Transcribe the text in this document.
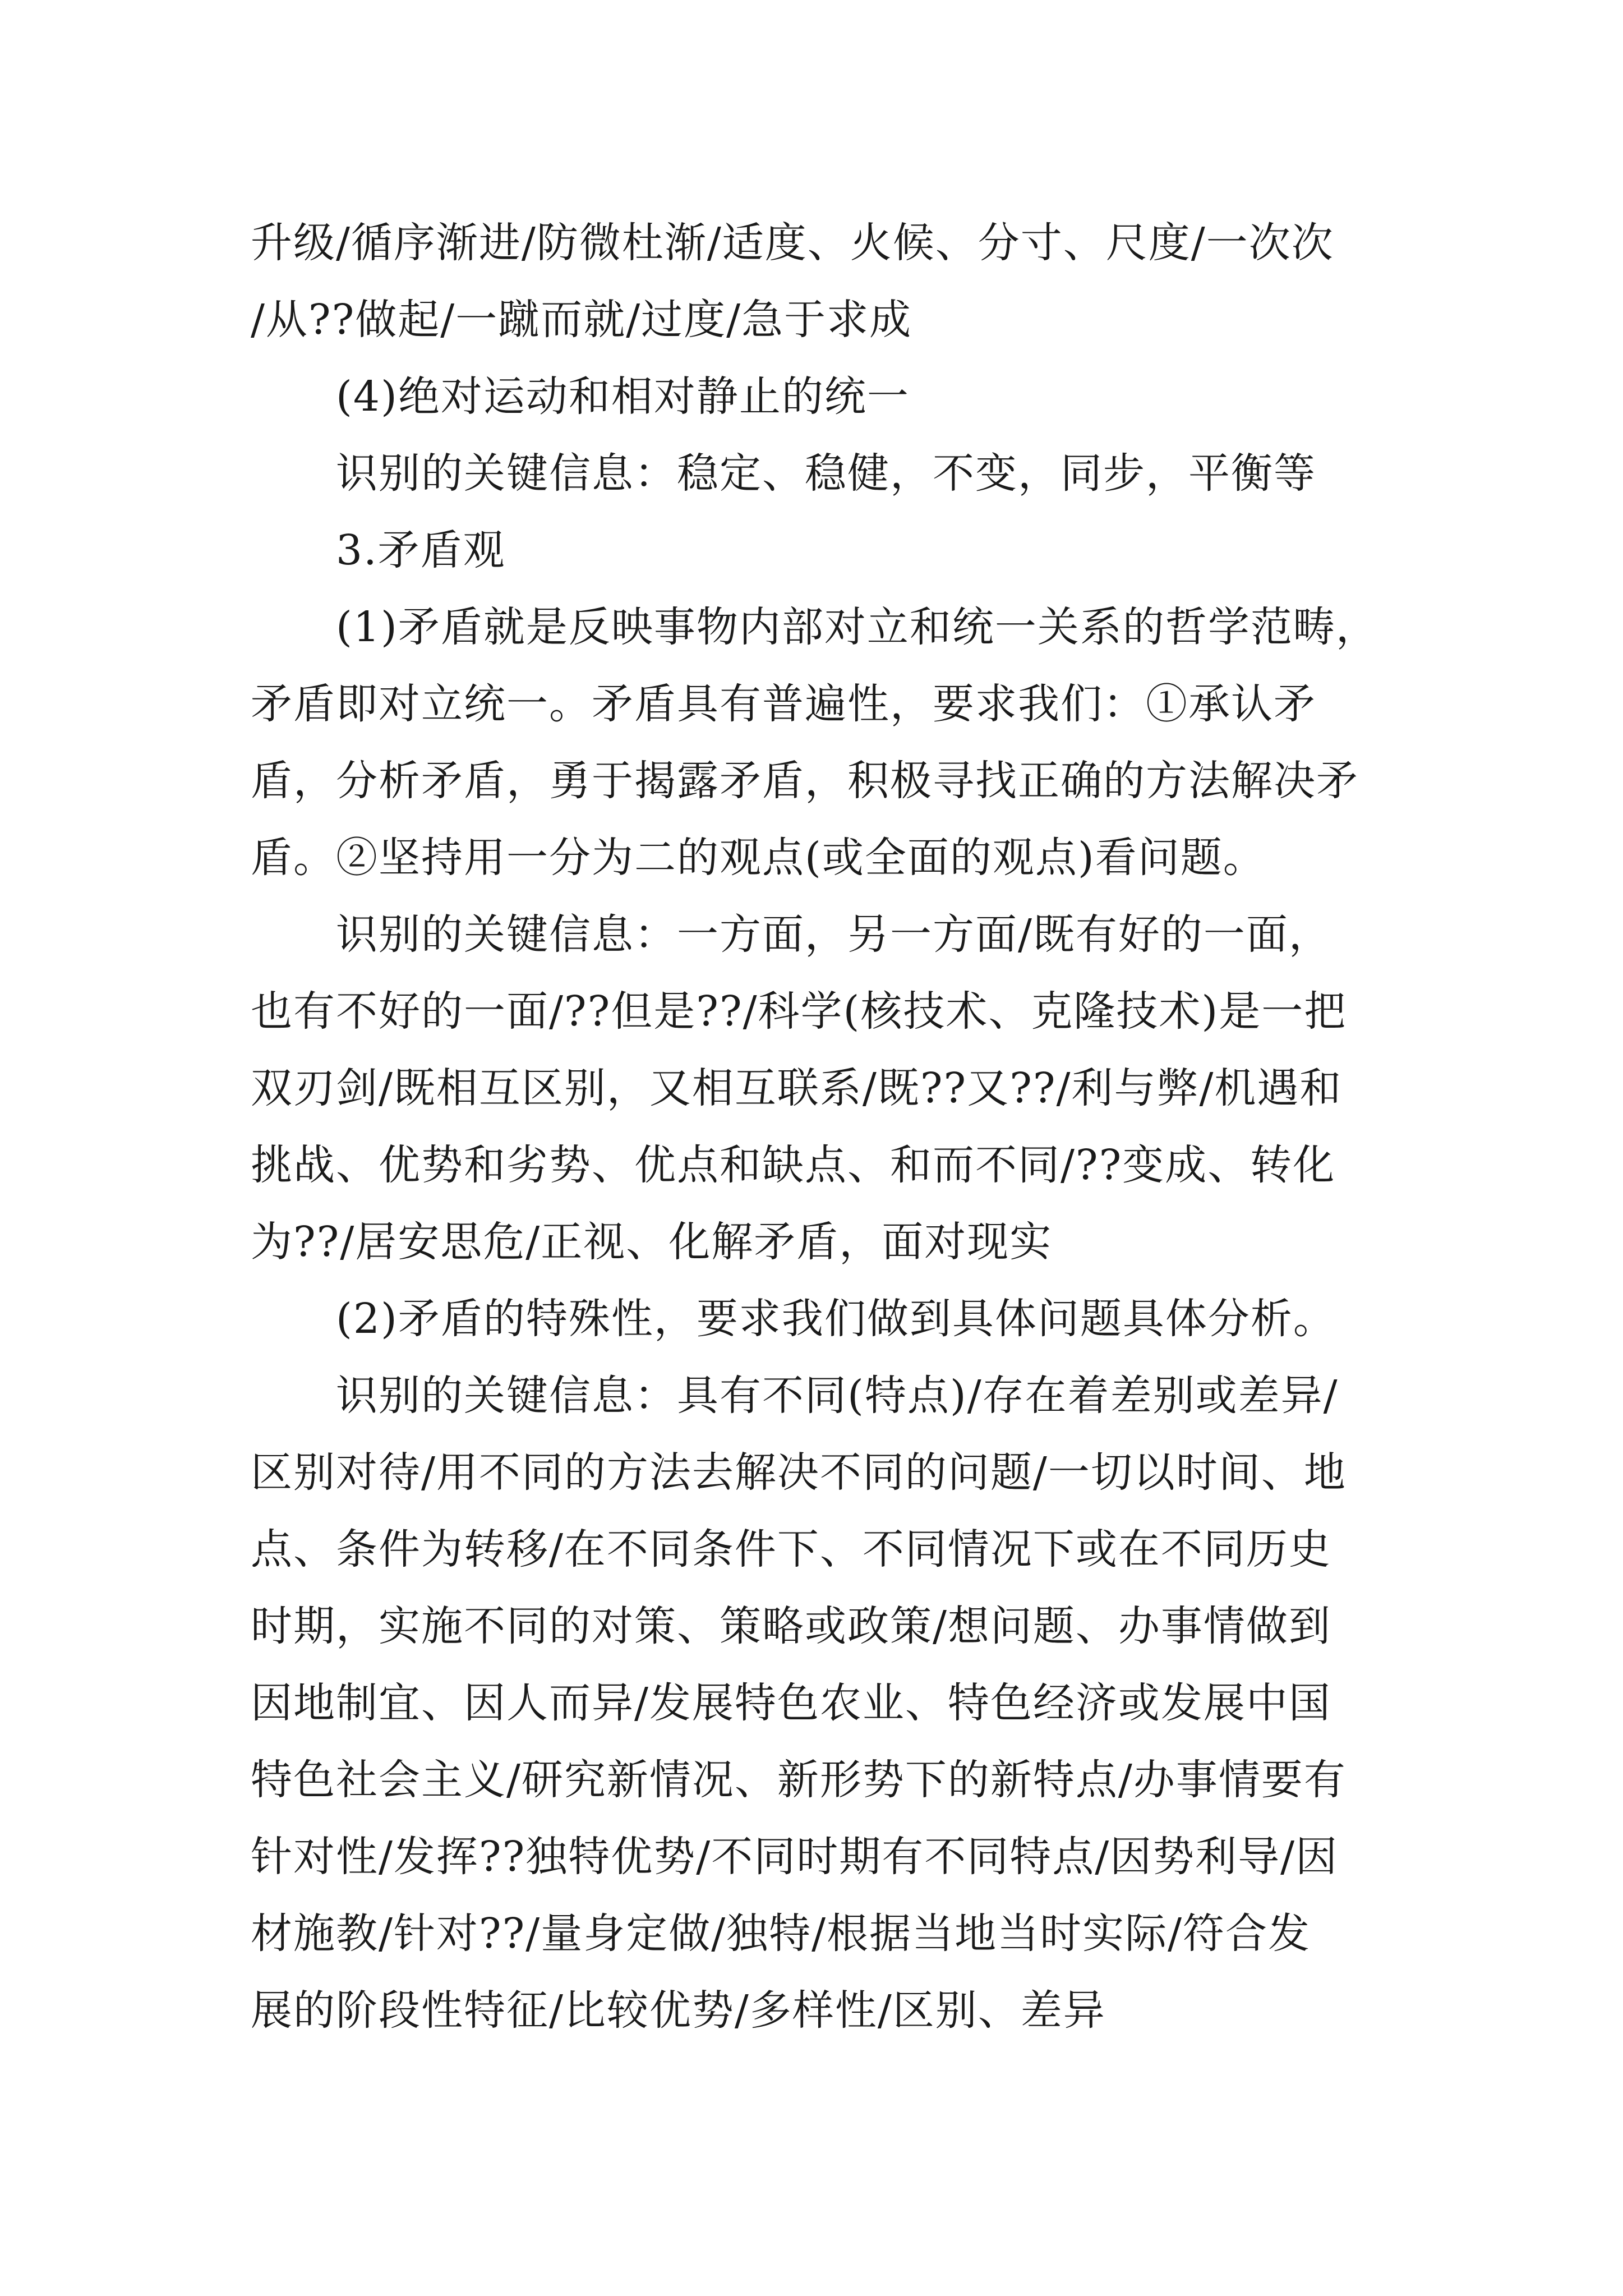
升级/循序渐进/防微杜渐/适度、火候、分寸、尺度/一次次
/从??做起/一蹴而就/过度/急于求成
(4)绝对运动和相对静止的统一
识别的关键信息：稳定、稳健，不变，同步，平衡等
3.矛盾观
(1)矛盾就是反映事物内部对立和统一关系的哲学范畴，
矛盾即对立统一。矛盾具有普遍性，要求我们：①承认矛
盾，分析矛盾，勇于揭露矛盾，积极寻找正确的方法解决矛
盾。②坚持用一分为二的观点(或全面的观点)看问题。
识别的关键信息：一方面，另一方面/既有好的一面，
也有不好的一面/??但是??/科学(核技术、克隆技术)是一把
双刃剑/既相互区别，又相互联系/既??又??/利与弊/机遇和
挑战、优势和劣势、优点和缺点、和而不同/??变成、转化
为??/居安思危/正视、化解矛盾，面对现实
(2)矛盾的特殊性，要求我们做到具体问题具体分析。
识别的关键信息：具有不同(特点)/存在着差别或差异/
区别对待/用不同的方法去解决不同的问题/一切以时间、地
点、条件为转移/在不同条件下、不同情况下或在不同历史
时期，实施不同的对策、策略或政策/想问题、办事情做到
因地制宜、因人而异/发展特色农业、特色经济或发展中国
特色社会主义/研究新情况、新形势下的新特点/办事情要有
针对性/发挥??独特优势/不同时期有不同特点/因势利导/因
材施教/针对??/量身定做/独特/根据当地当时实际/符合发
展的阶段性特征/比较优势/多样性/区别、差异
